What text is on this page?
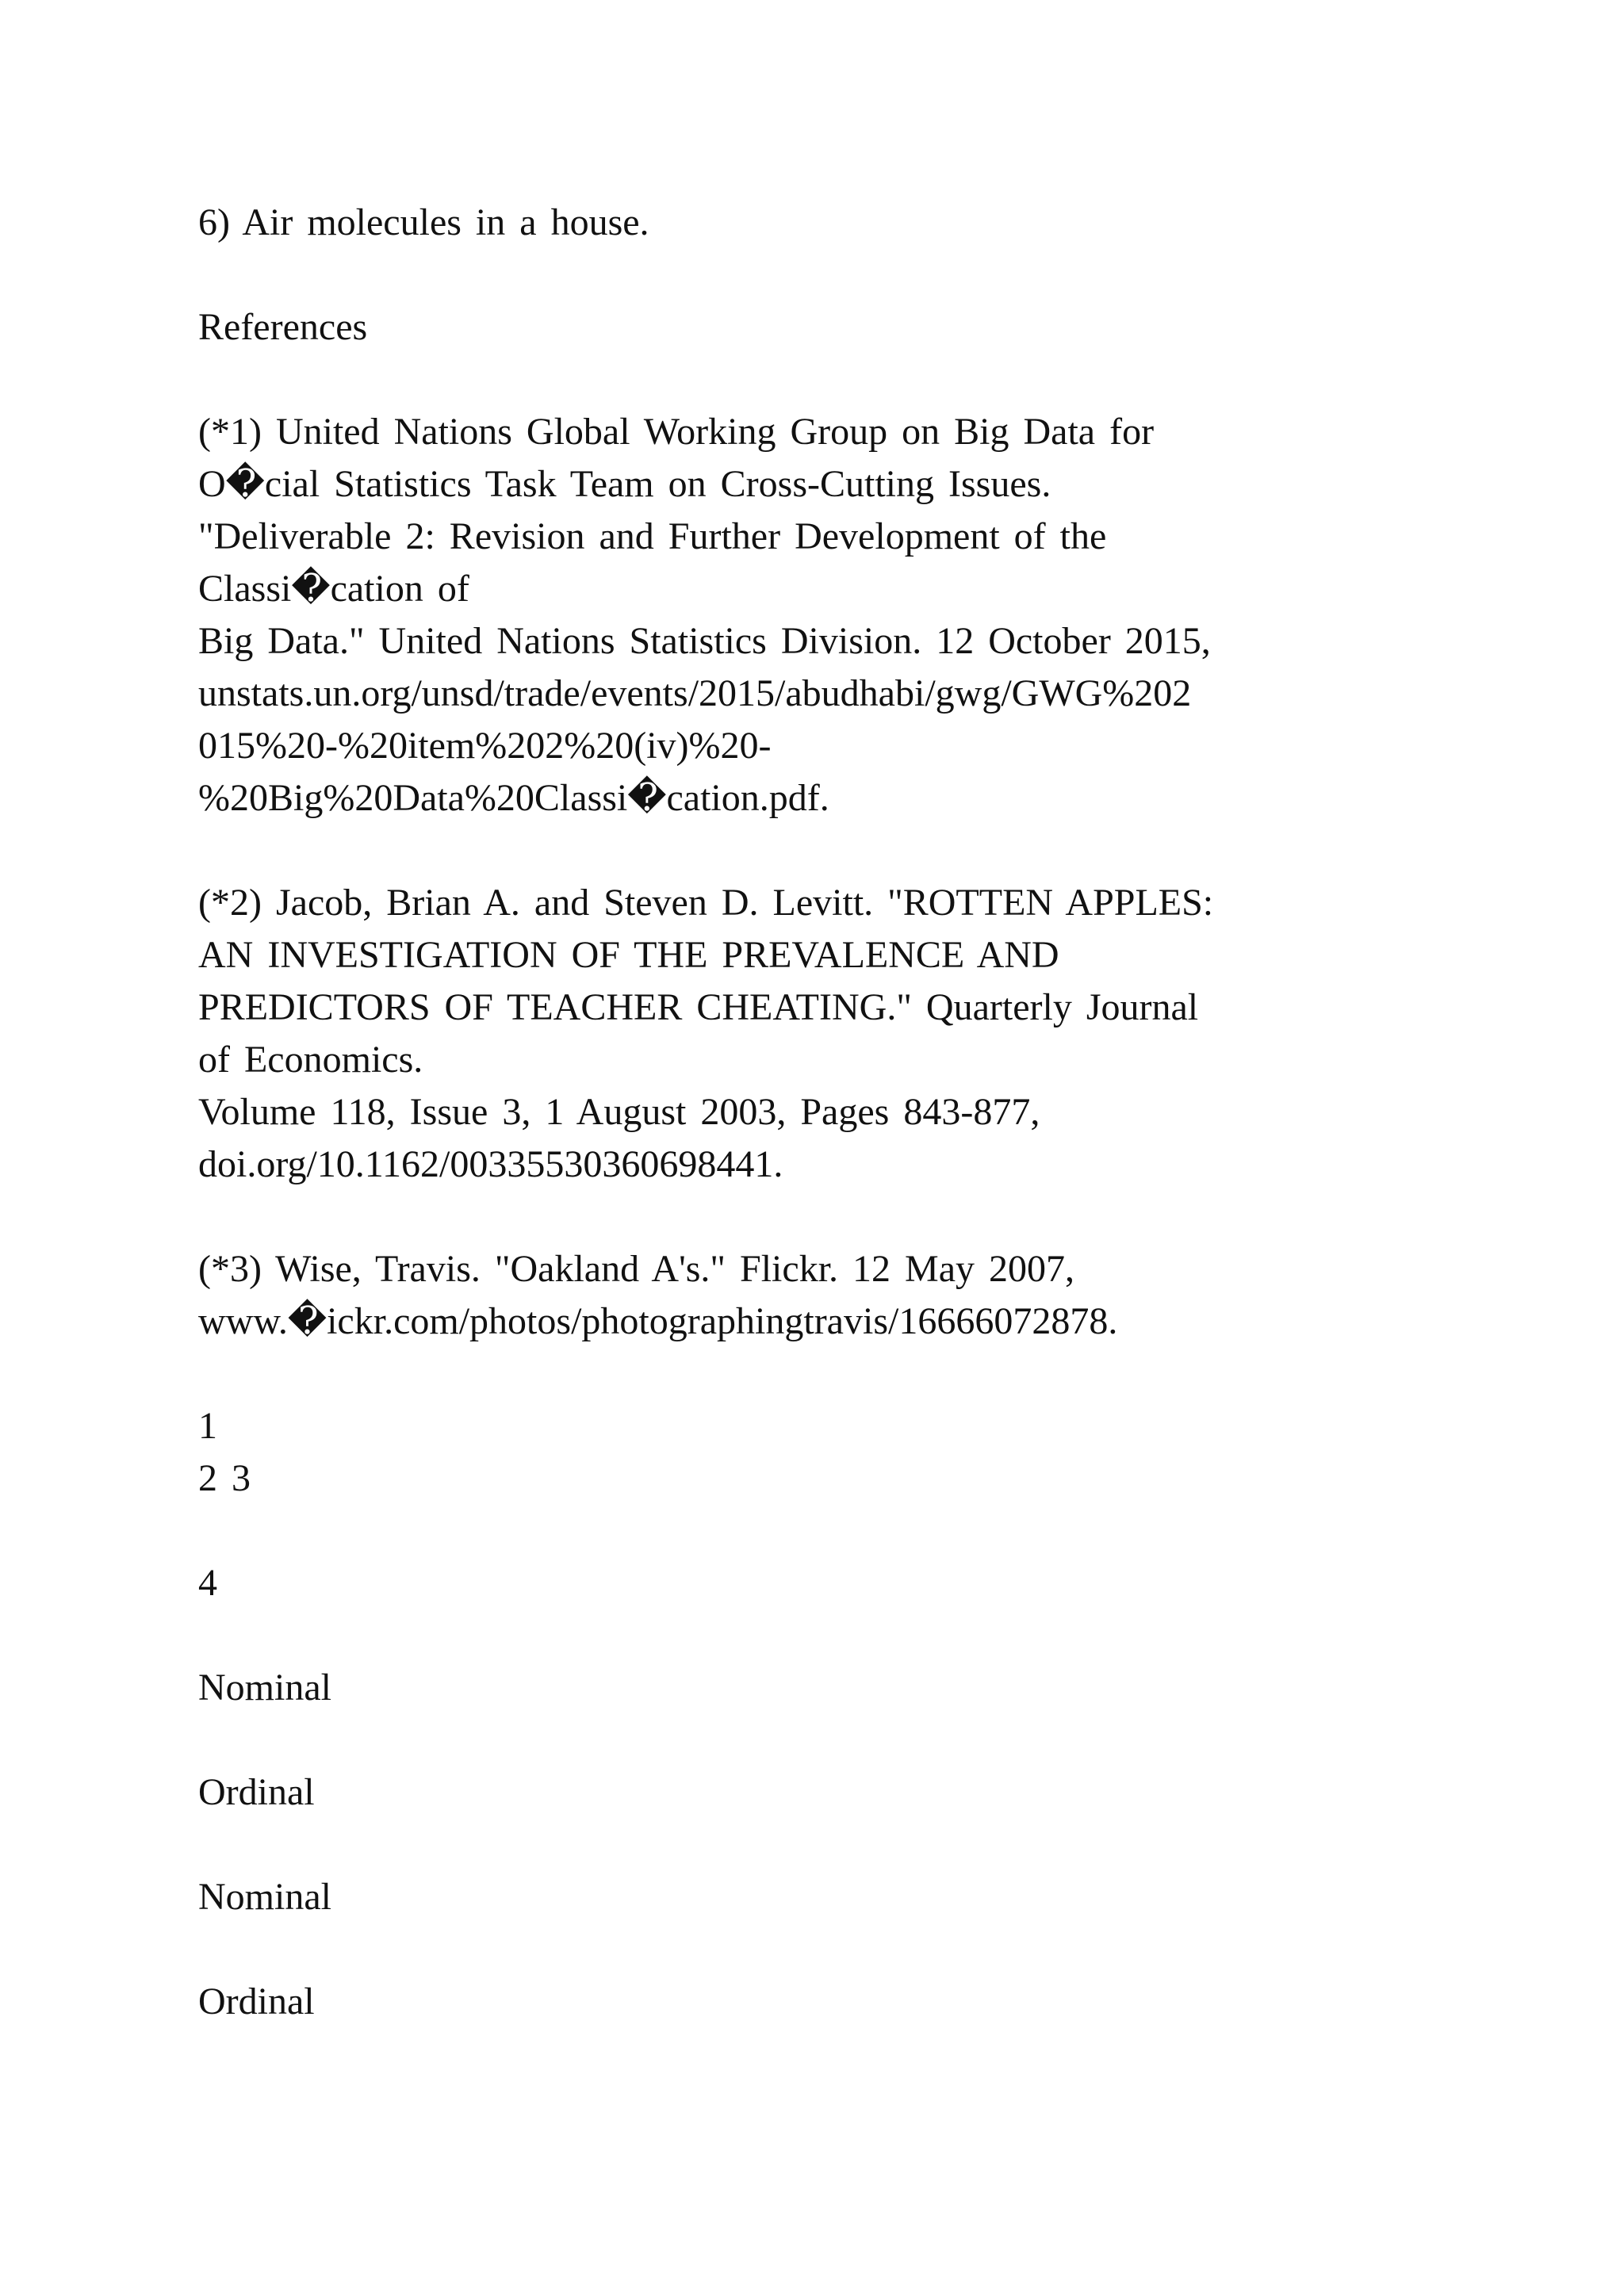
6) Air molecules in a house.
References
(*1) United Nations Global Working Group on Big Data for
O�cial Statistics Task Team on Cross-Cutting Issues.
"Deliverable 2: Revision and Further Development of the
Classi�cation of
Big Data." United Nations Statistics Division. 12 October 2015,
unstats.un.org/unsd/trade/events/2015/abudhabi/gwg/GWG%202
015%20-%20item%202%20(iv)%20-
%20Big%20Data%20Classi�cation.pdf.
(*2) Jacob, Brian A. and Steven D. Levitt. "ROTTEN APPLES:
AN INVESTIGATION OF THE PREVALENCE AND
PREDICTORS OF TEACHER CHEATING." Quarterly Journal
of Economics.
Volume 118, Issue 3, 1 August 2003, Pages 843-877,
doi.org/10.1162/00335530360698441.
(*3) Wise, Travis. "Oakland A's." Flickr. 12 May 2007,
www.�ickr.com/photos/photographingtravis/16666072878.
1
2 3
4
Nominal
Ordinal
Nominal
Ordinal
